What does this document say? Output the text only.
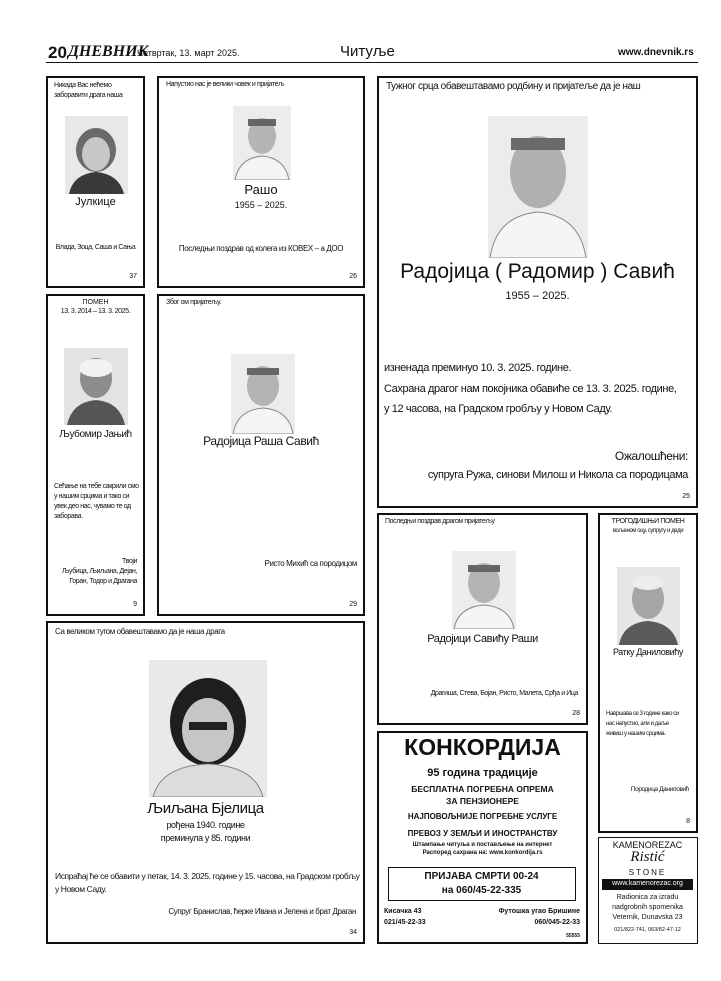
20 ДНЕВНИК
Четвртак, 13. март 2025.	Читуље	www.dnevnik.rs
Никада Вас нећемо заборавити драга наша
Јулкице
Влада, Зоца, Саша и Сања
37
Напустио нас је велики човек и пријатељ
Рашо
1955 – 2025.
Последњи поздрав од колега из КОВЕХ – а ДОО
26
Тужног срца обавештавамо родбину и пријатеље да је наш
Радојица ( Радомир ) Савић
1955 – 2025.
изненада преминуо 10. 3. 2025. године.
Сахрана драгог нам покојника обавиће се 13. 3. 2025. године,
у 12 часова, на Градском гробљу у Новом Саду.
Ожалошћени:
супруга Ружа, синови Милош и Никола са породицама
25
ПОМЕН
13. 3. 2014 – 13. 3. 2025.
Љубомир Јањић
Сећање на тебе сакрили смо
у нашим срцима и тако си
увек део нас, чувамо те од
заборава.
Твоји
Љубица, Љиљана, Дејан,
Горан, Тодор и Драгана
9
Због ом пријатељу.
Радојица Раша Савић
Ристо Михић са породицом
29
Последњи поздрав драгом пријатељу
Радојици Савићу Раши
Драгиша, Стева, Бојан, Ристо, Малета, Срђа и Ица
28
ТРОГОДИШЊИ ПОМЕН
вољеном оцу, супругу и деди
Ратку Даниловићу
Навршава се 3 године како си
нас напустио, али и даље
живиш у нашим срцима.
Породица Даниловић
8
Са великом тугом обавештавамо да је наша драга
Љиљана Бјелица
рођена 1940. године
преминула у 85. години
Испраћај ће се обавити у петак, 14. 3. 2025. године у 15. часова, на Градском гробљу
у Новом Саду.
Супруг Бранислав, ћерке Ивана и Јелена и брат Драган
34
КОНКОРДИЈА
95 година традиције
БЕСПЛАТНА ПОГРЕБНА ОПРЕМА
ЗА ПЕНЗИОНЕРЕ
НАЈПОВОЉНИЈЕ ПОГРЕБНЕ УСЛУГЕ
ПРЕВОЗ У ЗЕМЉИ И ИНОСТРАНСТВУ
Штампање читуља и постављење на интернет
Распоред сахрана на: www.konkordija.rs
ПРИЈАВА СМРТИ 00-24
на 060/45-22-335
Кисачка 43
021/45-22-33
Футошка угао Бришине
060/045-22-33
55555
KAMENOREZAC
Ristić
STONE
www.kamenorezac.org
Radionica za izradu
nadgrobnih spomenika
Veternik, Dunavska 23
021/822-741, 063/82-47-12
